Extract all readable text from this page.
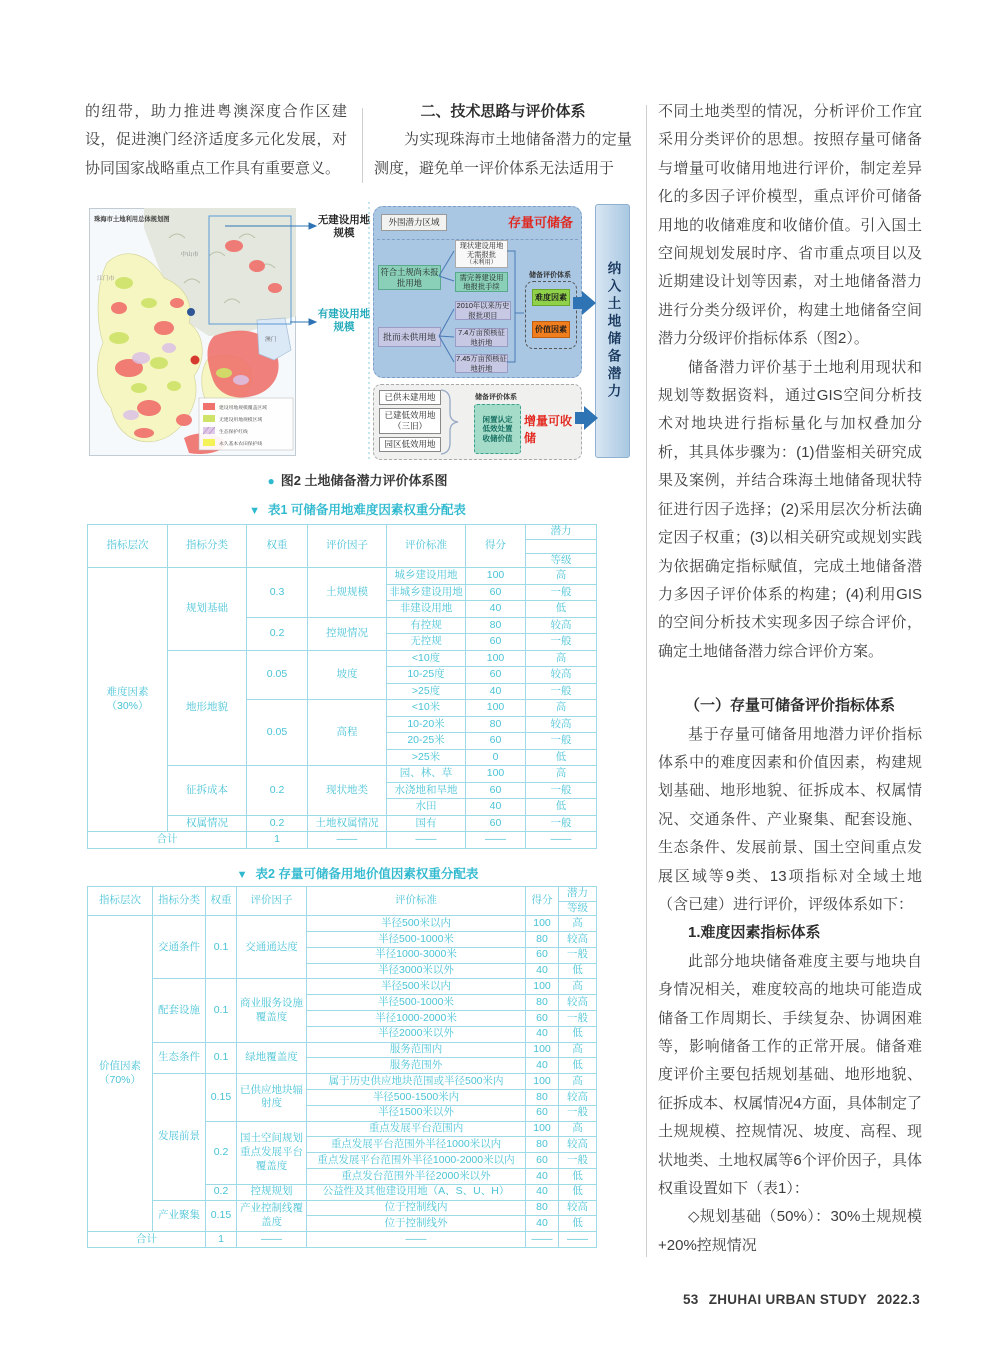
的纽带，助力推进粤澳深度合作区建设，促进澳门经济适度多元化发展，对协同国家战略重点工作具有重要意义。

二、技术思路与评价体系

为实现珠海市土地储备潜力的定量测度，避免单一评价体系无法适用于

不同土地类型的情况，分析评价工作宜采用分类评价的思想。按照存量可储备与增量可收储用地进行评价，制定差异化的多因子评价模型，重点评价可储备用地的收储难度和收储价值。引入国土空间规划发展时序、省市重点项目以及近期建设计划等因素，对土地储备潜力进行分类分级评价，构建土地储备空间潜力分级评价指标体系（图2）。

储备潜力评价基于土地利用现状和规划等数据资料，通过GIS空间分析技术对地块进行指标量化与加权叠加分析，其具体步骤为：(1)借鉴相关研究成果及案例，并结合珠海土地储备现状特征进行因子选择；(2)采用层次分析法确定因子权重；(3)以相关研究或规划实践为依据确定指标赋值，完成土地储备潜力多因子评价体系的构建；(4)利用GIS的空间分析技术实现多因子综合评价，确定土地储备潜力综合评价方案。

（一）存量可储备评价指标体系

基于存量可储备用地潜力评价指标体系中的难度因素和价值因素，构建规划基础、地形地貌、征拆成本、权属情况、交通条件、产业聚集、配套设施、生态条件、发展前景、国土空间重点发展区域等9类、13项指标对全域土地（含已建）进行评价，评级体系如下：

1.难度因素指标体系

此部分地块储备难度主要与地块自身情况相关，难度较高的地块可能造成储备工作周期长、手续复杂、协调困难等，影响储备工作的正常开展。储备难度评价主要包括规划基础、地形地貌、征拆成本、权属情况4方面，具体制定了土规规模、控规情况、坡度、高程、现状地类、土地权属等6个评价因子，具体权重设置如下（表1）：

◇规划基础（50%）：30%土规规模+20%控规情况

珠海市土地利用总体规划图
江门市
中山市
澳门
建设用地规模覆盖区域
无建设用地规模区域
生态保护红线
永久基本农田保护线
无建设用地规模
有建设用地规模
外围潜力区域	存量可储备
符合土规尚未报批用地
现状建设用地
无需报批
（未利用）
需完善建设用地报批手续
2010年以来历史报批项目
7.4万亩预核征地折地
7.45万亩预核征地折地
批而未供用地
储备评价体系
难度因素
价值因素
已供未建用地
已建低效用地（三旧）
园区低效用地
储备评价体系
闲置认定
低效处置
收储价值
增量可收储
纳入土地储备潜力
● 图2 土地储备潜力评价体系图
▼ 表1 可储备用地难度因素权重分配表
指标层次	指标分类	权重	评价因子	评价标准	得分	潜力

						等级
难度因素（30%）	规划基础	0.3	土规规模	城乡建设用地	100	高
				非城乡建设用地	60	一般
				非建设用地	40	低
		0.2	控规情况	有控规	80	较高
				无控规	60	一般
	地形地貌	0.05	坡度	<10度	100	高
				10-25度	60	较高
				>25度	40	一般
		0.05	高程	<10米	100	高
				10-20米	80	较高
				20-25米	60	一般
				>25米	0	低
	征拆成本	0.2	现状地类	园、林、草	100	高
				水浇地和旱地	60	一般
				水田	40	低
	权属情况	0.2	土地权属情况	国有	60	一般
合计		1	——	——	——	——
▼ 表2 存量可储备用地价值因素权重分配表
指标层次	指标分类	权重	评价因子	评价标准	得分	潜力
						等级
价值因素（70%）	交通条件	0.1	交通通达度	半径500米以内	100	高
				半径500-1000米	80	较高
				半径1000-3000米	60	一般
				半径3000米以外	40	低
	配套设施	0.1	商业服务设施覆盖度	半径500米以内	100	高
				半径500-1000米	80	较高
				半径1000-2000米	60	一般
				半径2000米以外	40	低
	生态条件	0.1	绿地覆盖度	服务范围内	100	高
				服务范围外	40	低
	发展前景	0.15	已供应地块辐射度	属于历史供应地块范围或半径500米内	100	高
				半径500-1500米内	80	较高
				半径1500米以外	60	一般
		0.2	国土空间规划重点发展平台覆盖度	重点发展平台范围内	100	高
				重点发展平台范围外半径1000米以内	80	较高
				重点发展平台范围外半径1000-2000米以内	60	一般
				重点发台范围外半径2000米以外	40	低
		0.2	控规规划	公益性及其他建设用地（A、S、U、H）	40	低
	产业聚集	0.15	产业控制线覆盖度	位于控制线内	80	较高
				位于控制线外	40	低
合计		1	——	——	——	——
53 ZHUHAI URBAN STUDY 2022.3
